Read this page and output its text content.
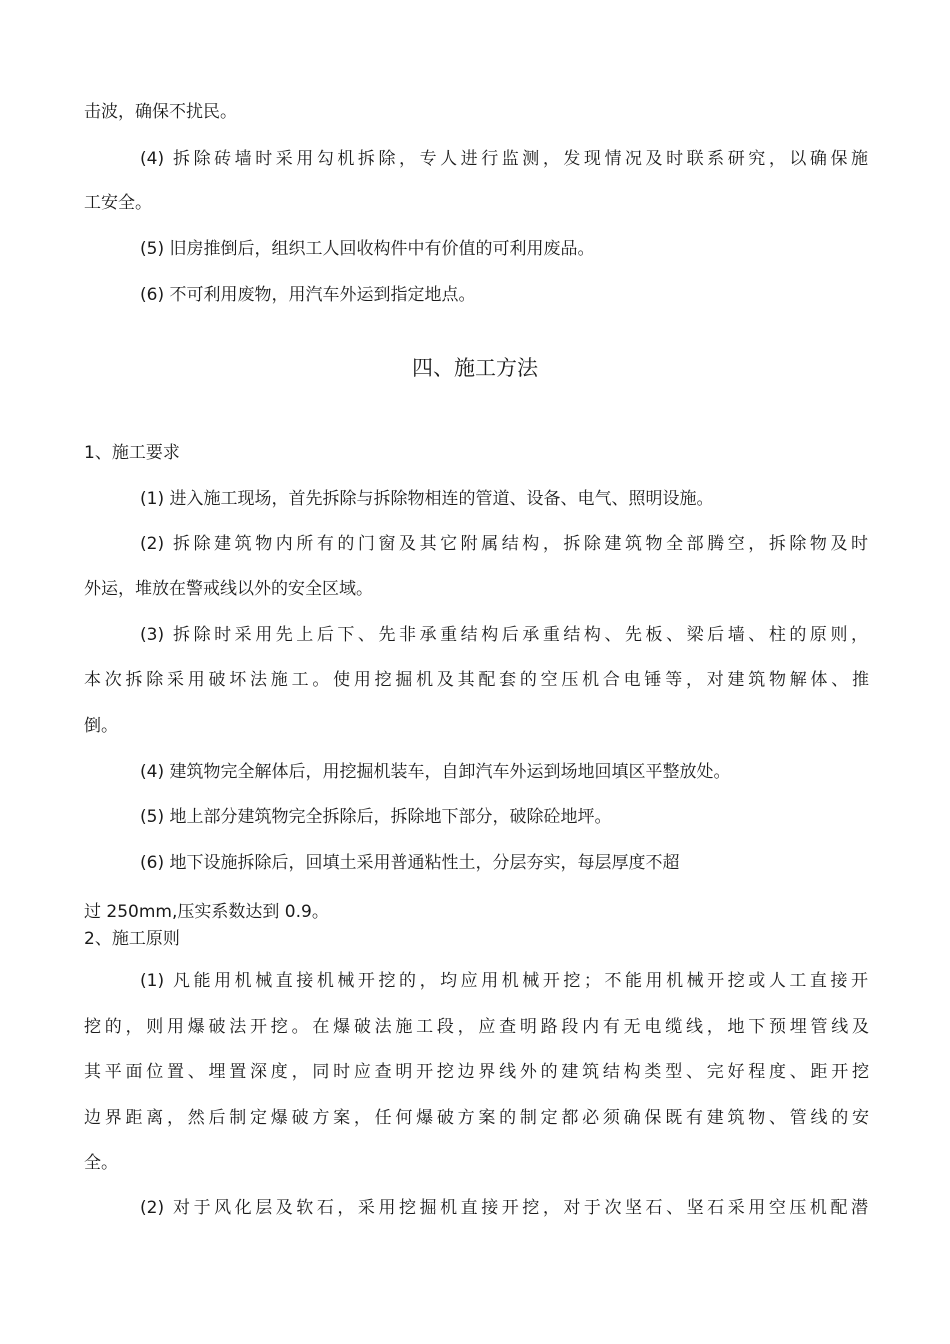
击波，确保不扰民。
(4) 拆除砖墙时采用勾机拆除，专人进行监测，发现情况及时联系研究，以确保施
工安全。
(5) 旧房推倒后，组织工人回收构件中有价值的可利用废品。
(6) 不可利用废物，用汽车外运到指定地点。
四、施工方法
1、施工要求
(1) 进入施工现场，首先拆除与拆除物相连的管道、设备、电气、照明设施。
(2) 拆除建筑物内所有的门窗及其它附属结构，拆除建筑物全部腾空，拆除物及时
外运，堆放在警戒线以外的安全区域。
(3) 拆除时采用先上后下、先非承重结构后承重结构、先板、梁后墙、柱的原则，
本次拆除采用破坏法施工。使用挖掘机及其配套的空压机合电锤等，对建筑物解体、推
倒。
(4) 建筑物完全解体后，用挖掘机装车，自卸汽车外运到场地回填区平整放处。
(5) 地上部分建筑物完全拆除后，拆除地下部分，破除砼地坪。
(6) 地下设施拆除后，回填土采用普通粘性土，分层夯实，每层厚度不超
过 250mm,压实系数达到 0.9。
2、施工原则
(1) 凡能用机械直接机械开挖的，均应用机械开挖；不能用机械开挖或人工直接开
挖的，则用爆破法开挖。在爆破法施工段，应查明路段内有无电缆线，地下预埋管线及
其平面位置、埋置深度，同时应查明开挖边界线外的建筑结构类型、完好程度、距开挖
边界距离，然后制定爆破方案，任何爆破方案的制定都必须确保既有建筑物、管线的安
全。
(2) 对于风化层及软石，采用挖掘机直接开挖，对于次坚石、坚石采用空压机配潜
